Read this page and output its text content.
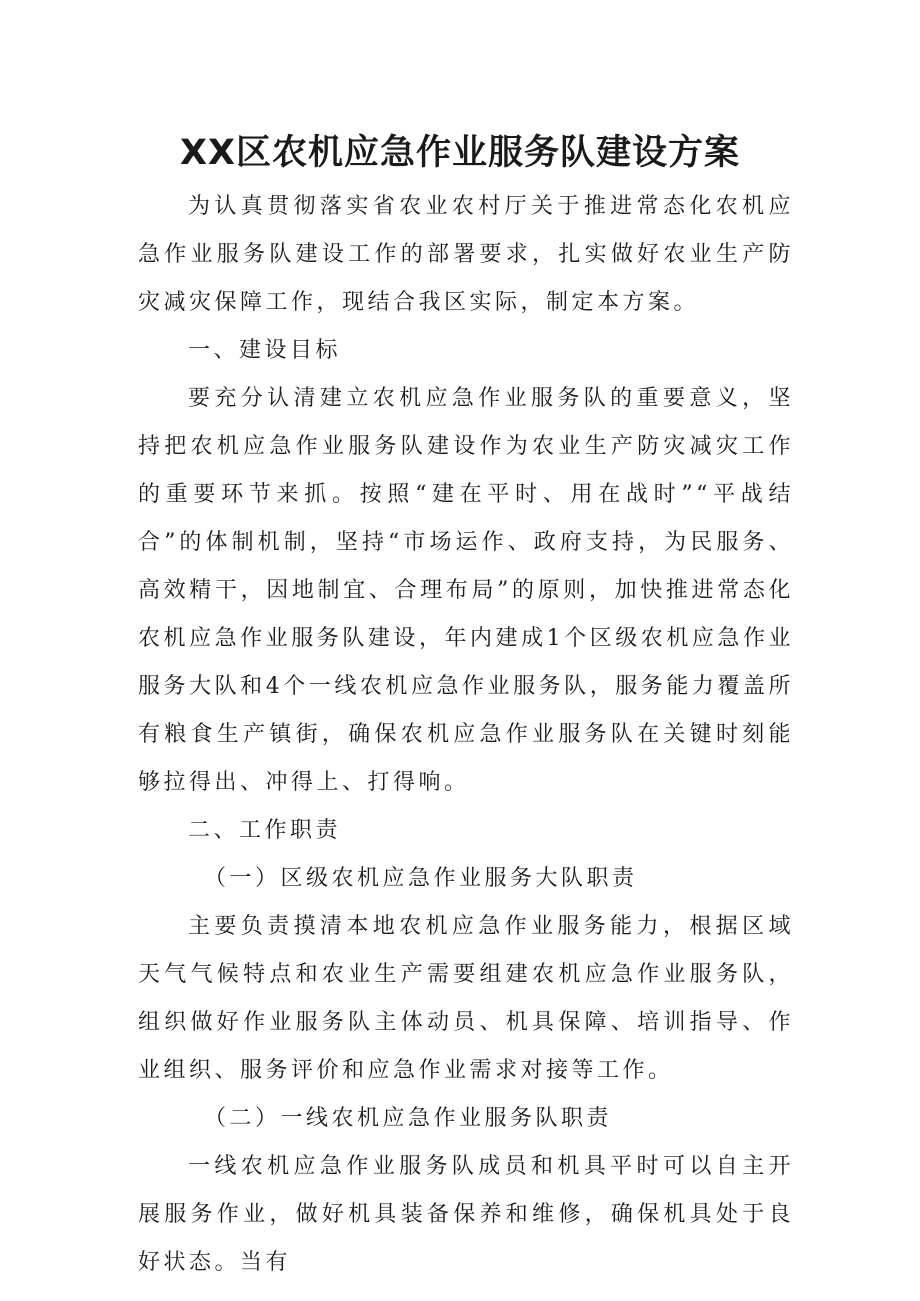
XX区农机应急作业服务队建设方案

为认真贯彻落实省农业农村厅关于推进常态化农机应急作业服务队建设工作的部署要求，扎实做好农业生产防灾减灾保障工作，现结合我区实际，制定本方案。

一、建设目标

要充分认清建立农机应急作业服务队的重要意义，坚持把农机应急作业服务队建设作为农业生产防灾减灾工作的重要环节来抓。按照“建在平时、用在战时”“平战结合”的体制机制，坚持“市场运作、政府支持，为民服务、高效精干，因地制宜、合理布局”的原则，加快推进常态化农机应急作业服务队建设，年内建成1个区级农机应急作业服务大队和4个一线农机应急作业服务队，服务能力覆盖所有粮食生产镇街，确保农机应急作业服务队在关键时刻能够拉得出、冲得上、打得响。

二、工作职责

（一）区级农机应急作业服务大队职责

主要负责摸清本地农机应急作业服务能力，根据区域天气气候特点和农业生产需要组建农机应急作业服务队，组织做好作业服务队主体动员、机具保障、培训指导、作业组织、服务评价和应急作业需求对接等工作。

（二）一线农机应急作业服务队职责

一线农机应急作业服务队成员和机具平时可以自主开展服务作业，做好机具装备保养和维修，确保机具处于良好状态。当有
